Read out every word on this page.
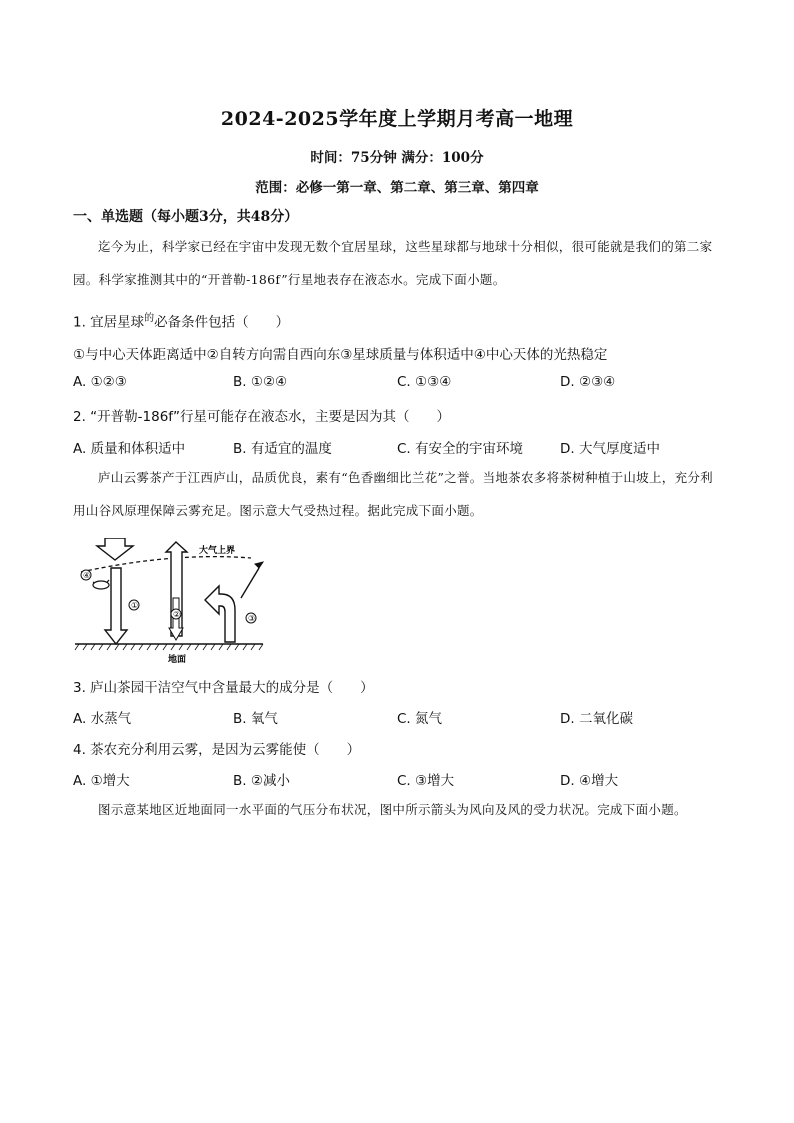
2024-2025学年度上学期月考高一地理
时间：75分钟 满分：100分
范围：必修一第一章、第二章、第三章、第四章
一、单选题（每小题3分，共48分）
迄今为止，科学家已经在宇宙中发现无数个宜居星球，这些星球都与地球十分相似，很可能就是我们的第二家园。科学家推测其中的“开普勒-186f”行星地表存在液态水。完成下面小题。
1. 宜居星球$^的$必备条件包括（　　）
①与中心天体距离适中②自转方向需自西向东③星球质量与体积适中④中心天体的光热稳定
A. ①②③	B. ①②④	C. ①③④	D. ②③④
2. “开普勒-186f”行星可能存在液态水，主要是因为其（　　）
A. 质量和体积适中	B. 有适宜的温度	C. 有安全的宇宙环境	D. 大气厚度适中
庐山云雾茶产于江西庐山，品质优良，素有“色香幽细比兰花”之誉。当地茶农多将茶树种植于山坡上，充分利用山谷风原理保障云雾充足。图示意大气受热过程。据此完成下面小题。
大气上界
①
④
②	③
地面
3. 庐山茶园干洁空气中含量最大的成分是（　　）
A. 水蒸气	B. 氧气	C. 氮气	D. 二氧化碳
4. 茶农充分利用云雾，是因为云雾能使（　　）
A. ①增大	B. ②减小	C. ③增大	D. ④增大
图示意某地区近地面同一水平面的气压分布状况，图中所示箭头为风向及风的受力状况。完成下面小题。
